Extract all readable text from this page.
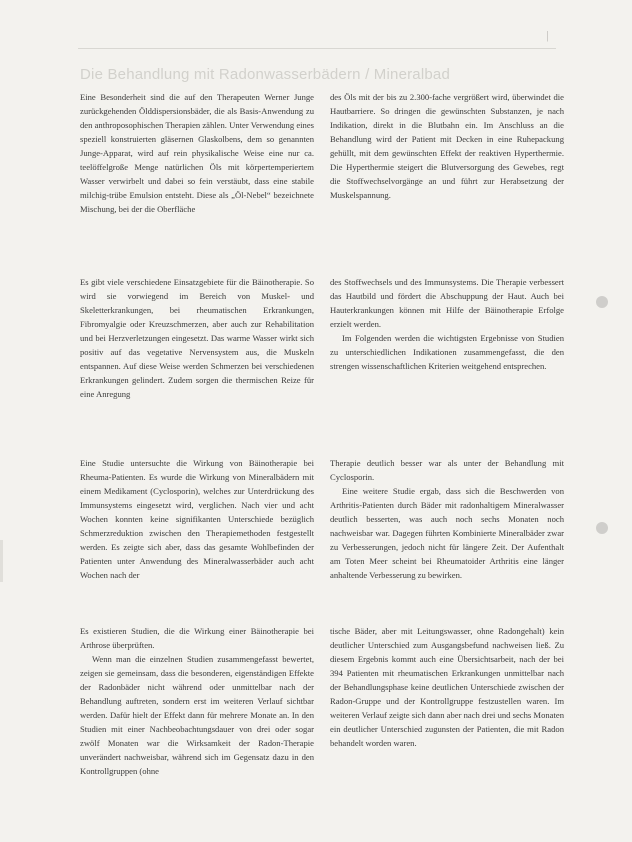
|
Die Behandlung mit Radonwasserbädern / Mineralbad

Eine Besonderheit sind die auf den Therapeuten Werner Junge zurückgehenden Ölddispersionsbäder, die als Basis-Anwendung zu den anthroposophischen Therapien zählen. Unter Verwendung eines speziell konstruierten gläsernen Glaskolbens, dem so genannten Junge-Apparat, wird auf rein physikalische Weise eine nur ca. teelöffelgroße Menge natürlichen Öls mit körpertemperiertem Wasser verwirbelt und dabei so fein verstäubt, dass eine stabile milchig-trübe Emulsion entsteht. Diese als „Öl-Nebel“ bezeichnete Mischung, bei der die Oberfläche

des Öls mit der bis zu 2.300-fache vergrößert wird, überwindet die Hautbarriere. So dringen die gewünschten Substanzen, je nach Indikation, direkt in die Blutbahn ein. Im Anschluss an die Behandlung wird der Patient mit Decken in eine Ruhepackung gehüllt, mit dem gewünschten Effekt der reaktiven Hyperthermie. Die Hyperthermie steigert die Blutversorgung des Gewebes, regt die Stoffwechselvorgänge an und führt zur Herabsetzung der Muskelspannung.

Es gibt viele verschiedene Einsatzgebiete für die Bäinotherapie. So wird sie vorwiegend im Bereich von Muskel- und Skeletterkrankungen, bei rheumatischen Erkrankungen, Fibromyalgie oder Kreuzschmerzen, aber auch zur Rehabilitation und bei Herzverletzungen eingesetzt. Das warme Wasser wirkt sich positiv auf das vegetative Nervensystem aus, die Muskeln entspannen. Auf diese Weise werden Schmerzen bei verschiedenen Erkrankungen gelindert. Zudem sorgen die thermischen Reize für eine Anregung

des Stoffwechsels und des Immunsystems. Die Therapie verbessert das Hautbild und fördert die Abschuppung der Haut. Auch bei Hauterkrankungen können mit Hilfe der Bäinotherapie Erfolge erzielt werden.

Im Folgenden werden die wichtigsten Ergebnisse von Studien zu unterschiedlichen Indikationen zusammengefasst, die den strengen wissenschaftlichen Kriterien weitgehend entsprechen.

Eine Studie untersuchte die Wirkung von Bäinotherapie bei Rheuma-Patienten. Es wurde die Wirkung von Mineralbädern mit einem Medikament (Cyclosporin), welches zur Unterdrückung des Immunsystems eingesetzt wird, verglichen. Nach vier und acht Wochen konnten keine signifikanten Unterschiede bezüglich Schmerzreduktion zwischen den Therapiemethoden festgestellt werden. Es zeigte sich aber, dass das gesamte Wohlbefinden der Patienten unter Anwendung des Mineralwasserbäder auch acht Wochen nach der

Therapie deutlich besser war als unter der Behandlung mit Cyclosporin.

Eine weitere Studie ergab, dass sich die Beschwerden von Arthritis-Patienten durch Bäder mit radonhaltigem Mineralwasser deutlich besserten, was auch noch sechs Monaten noch nachweisbar war. Dagegen führten Kombinierte Mineralbäder zwar zu Verbesserungen, jedoch nicht für längere Zeit. Der Aufenthalt am Toten Meer scheint bei Rheumatoider Arthritis eine länger anhaltende Verbesserung zu bewirken.

Es existieren Studien, die die Wirkung einer Bäinotherapie bei Arthrose überprüften.

Wenn man die einzelnen Studien zusammengefasst bewertet, zeigen sie gemeinsam, dass die besonderen, eigenständigen Effekte der Radonbäder nicht während oder unmittelbar nach der Behandlung auftreten, sondern erst im weiteren Verlauf sichtbar werden. Dafür hielt der Effekt dann für mehrere Monate an. In den Studien mit einer Nachbeobachtungsdauer von drei oder sogar zwölf Monaten war die Wirksamkeit der Radon-Therapie unverändert nachweisbar, während sich im Gegensatz dazu in den Kontrollgruppen (ohne

tische Bäder, aber mit Leitungswasser, ohne Radongehalt) kein deutlicher Unterschied zum Ausgangsbefund nachweisen ließ. Zu diesem Ergebnis kommt auch eine Übersichtsarbeit, nach der bei 394 Patienten mit rheumatischen Erkrankungen unmittelbar nach der Behandlungsphase keine deutlichen Unterschiede zwischen der Radon-Gruppe und der Kontrollgruppe festzustellen waren. Im weiteren Verlauf zeigte sich dann aber nach drei und sechs Monaten ein deutlicher Unterschied zugunsten der Patienten, die mit Radon behandelt worden waren.
